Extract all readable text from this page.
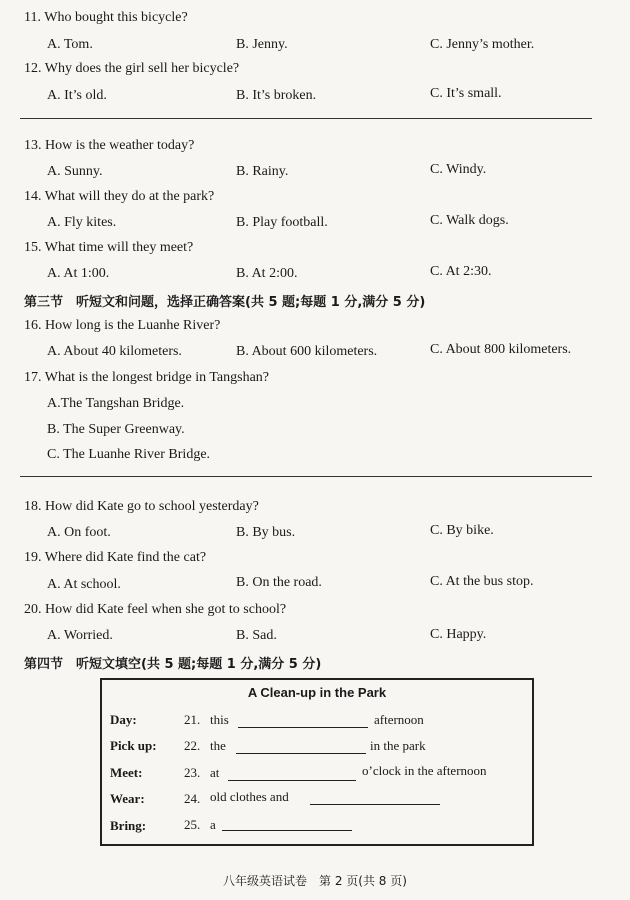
11. Who bought this bicycle?
A. Tom.	B. Jenny.	C. Jenny’s mother.
12. Why does the girl sell her bicycle?
A. It’s old.	B. It’s broken.	C. It’s small.
13. How is the weather today?
A. Sunny.	B. Rainy.	C. Windy.
14. What will they do at the park?
A. Fly kites.	B. Play football.	C. Walk dogs.
15. What time will they meet?
A. At 1:00.	B. At 2:00.	C. At 2:30.
第三节　听短文和问题，选择正确答案(共 5 题;每题 1 分,满分 5 分)
16. How long is the Luanhe River?
A. About 40 kilometers.	B. About 600 kilometers.	C. About 800 kilometers.
17. What is the longest bridge in Tangshan?
A.The Tangshan Bridge.
B. The Super Greenway.
C. The Luanhe River Bridge.
18. How did Kate go to school yesterday?
A. On foot.	B. By bus.	C. By bike.
19. Where did Kate find the cat?
A. At school.	B. On the road.	C. At the bus stop.
20. How did Kate feel when she got to school?
A. Worried.	B. Sad.	C. Happy.
第四节　听短文填空(共 5 题;每题 1 分,满分 5 分)
A Clean-up in the Park
Day:	21. this	afternoon
Pick up: 22. the	in the park
Meet:	23. at	o’clock in the afternoon
Wear:	24. old clothes and
Bring:	25. a
八年级英语试卷　第 2 页(共 8 页)
